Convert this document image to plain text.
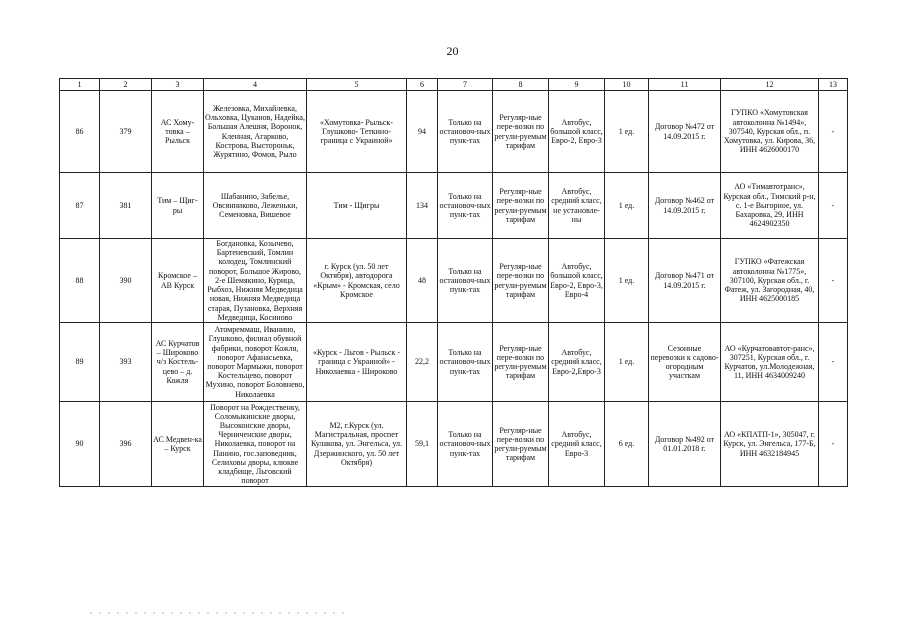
20
1	2	3	4	5	6	7	8	9	10	11	12	13
86	379	АС Хому-товка – Рыльск	Железовка, Михайлевка, Ольховка, Цуканов, Надейка, Большая Алешня, Воронок, Кленная, Агарково, Кострова, Выстороньк, Журятино, Фомов, Рыло	«Хомутовка- Рыльск- Глушково- Теткино- граница с Украиной»	94	Только на остановоч-ных пунк-тах	Регуляр-ные пере-возки по регули-руемым тарифам	Автобус, большой класс, Евро-2, Евро-3	1 ед.	Договор №472 от 14.09.2015 г.	ГУПКО «Хомутовская автоколонна №1494», 307540, Курская обл., п. Хомутовка, ул. Кирова, 36, ИНН 4626000170	-
87	381	Тим – Щиг-ры	Шабанино, Забелье, Овсянниково, Леженьки, Семеновка, Вишевое	Тим - Щигры	134	Только на остановоч-ных пунк-тах	Регуляр-ные пере-возки по регули-руемым тарифам	Автобус, средний класс, не установле-ны	1 ед.	Договор №462 от 14.09.2015 г.	АО «Тимавтотранс», Курская обл., Тимский р-н, с. 1-е Выгорное, ул. Бахаровка, 29, ИНН 4624902350	-
88	390	Кромское – АВ Курск	Богдановка, Козычево, Бартеневский, Томлин колодец, Томлинский поворот, Большое Жирово, 2-е Шемякино, Курица, Рыбхоз, Нижняя Медведица новая, Нижняя Медведица старая, Пузановка, Верхняя Медведица, Косиново	г. Курск (ул. 50 лет Октября), автодорога «Крым» - Кромская, село Кромское	48	Только на остановоч-ных пунк-тах	Регуляр-ные пере-возки по регули-руемым тарифам	Автобус, большой класс, Евро-2, Евро-3, Евро-4	1 ед.	Договор №471 от 14.09.2015 г.	ГУПКО «Фатежская автоколонна №1775», 307100, Курская обл., г. Фатеж, ул. Загородная, 40, ИНН 4625000185	-
89	393	АС Курчатов – Широково ч/з Костель-цево – д. Кожля	Атомреммаш, Иванино, Глушково, филиал обувной фабрики, поворот Кожля, поворот Афанасьевка, поворот Мармыжи, поворот Костельцево, поворот Мухино, поворот Боловнево, Николаевка	«Курск - Льгов - Рыльск - граница с Украиной» - Николаевка - Широково	22,2	Только на остановоч-ных пунк-тах	Регуляр-ные пере-возки по регули-руемым тарифам	Автобус, средний класс, Евро-2,Евро-3	1 ед.	Сезонные перевозки к садово-огородным участкам	АО «Курчатовавтот-ранс», 307251, Курская обл., г. Курчатов, ул.Молодежная, 11, ИНН 4634009240	-
90	396	АС Медвен-ка – Курск	Поворот на Рождественку, Соломыкинские дворы, Высоконские дворы, Черниченские дворы, Николаевка, поворот на Панино, гос.заповедник, Селиховы дворы, клюкве кладбище, Льговский поворот	М2, г.Курск (ул. Магистральная, проспет Кулакова, ул. Энгельса, ул. Дзержинского, ул. 50 лет Октября)	59,1	Только на остановоч-ных пунк-тах	Регуляр-ные пере-возки по регули-руемым тарифам	Автобус, средний класс, Евро-3	6 ед.	Договор №492 от 01.01.2018 г.	АО «КПАТП-1», 305047, г. Курск, ул. Энгельса, 177-Б, ИНН 4632184945	-
